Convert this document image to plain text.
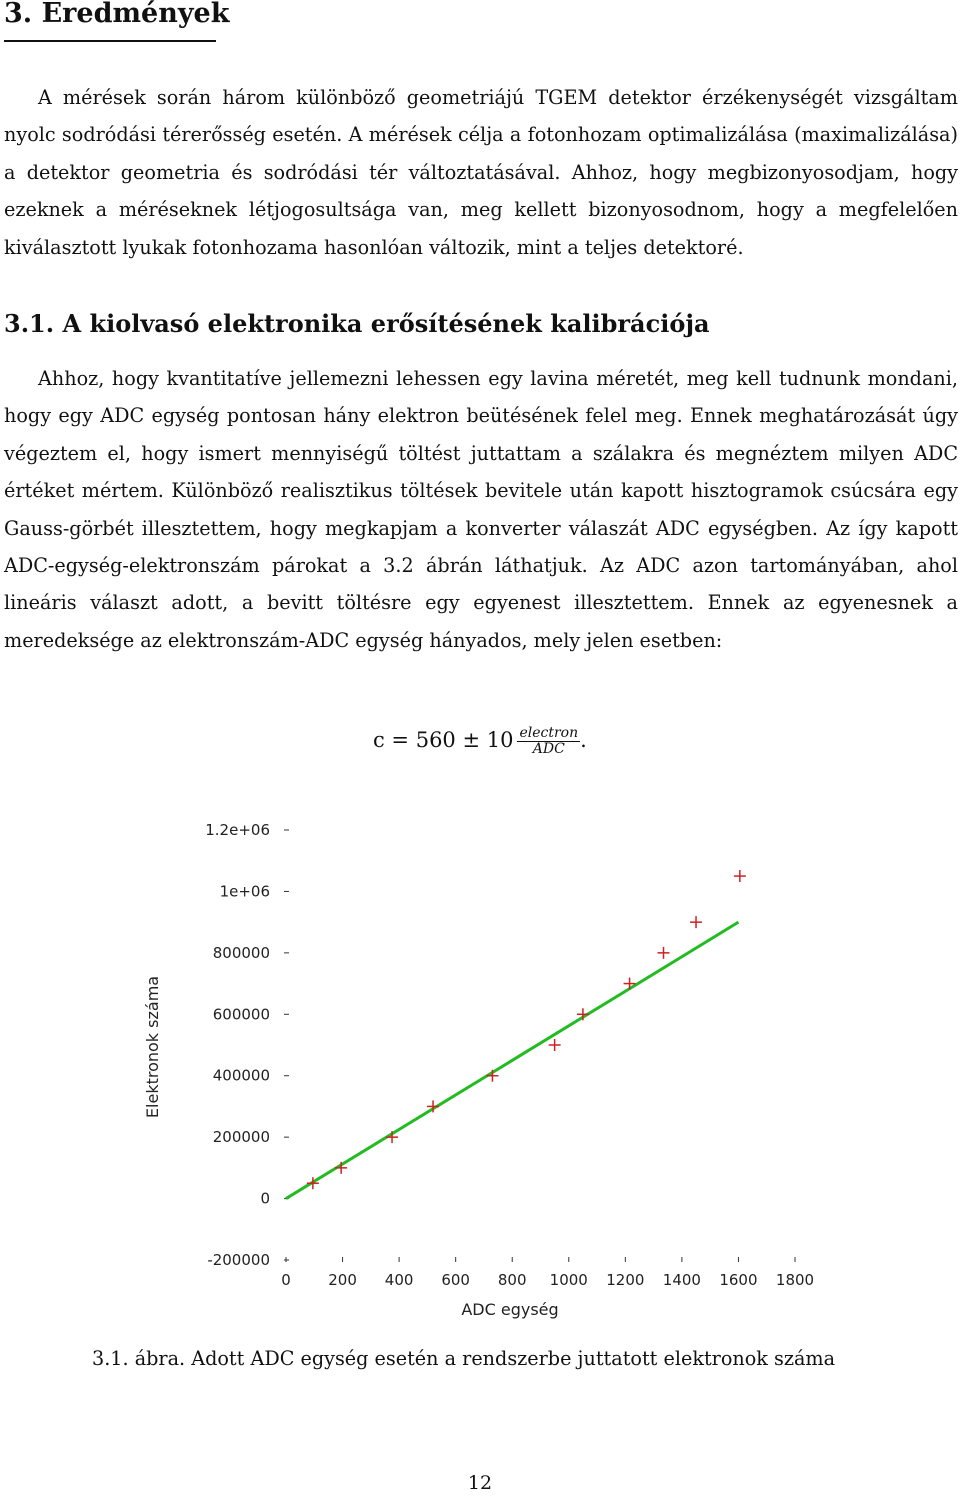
3. Eredmények

A mérések során három különböző geometriájú TGEM detektor érzékenységét vizsgáltam nyolc sodródási térerősség esetén. A mérések célja a fotonhozam optimalizálása (maximalizálása) a detektor geometria és sodródási tér változtatásával. Ahhoz, hogy megbizonyosodjam, hogy ezeknek a méréseknek létjogosultsága van, meg kellett bizonyosodnom, hogy a megfelelően kiválasztott lyukak fotonhozama hasonlóan változik, mint a teljes detektoré.

3.1. A kiolvasó elektronika erősítésének kalibrációja

Ahhoz, hogy kvantitatíve jellemezni lehessen egy lavina méretét, meg kell tudnunk mondani, hogy egy ADC egység pontosan hány elektron beütésének felel meg. Ennek meghatározását úgy végeztem el, hogy ismert mennyiségű töltést juttattam a szálakra és megnéztem milyen ADC értéket mértem. Különböző realisztikus töltések bevitele után kapott hisztogramok csúcsára egy Gauss-görbét illesztettem, hogy megkapjam a konverter válaszát ADC egységben. Az így kapott ADC-egység-elektronszám párokat a 3.2 ábrán láthatjuk. Az ADC azon tartományában, ahol lineáris választ adott, a bevitt töltésre egy egyenest illesztettem. Ennek az egyenesnek a meredeksége az elektronszám-ADC egység hányados, mely jelen esetben:

$c = 560 \pm 10 \frac{\text{electron}}{\text{ADC}}$ .
-200000
0
200000
400000
600000
800000
1e+06
1.2e+06
0 200 400 600 800 1000 1200 1400 1600 1800
ADC egység
Elektronok száma
3.1. ábra. Adott ADC egység esetén a rendszerbe juttatott elektronok száma
12
